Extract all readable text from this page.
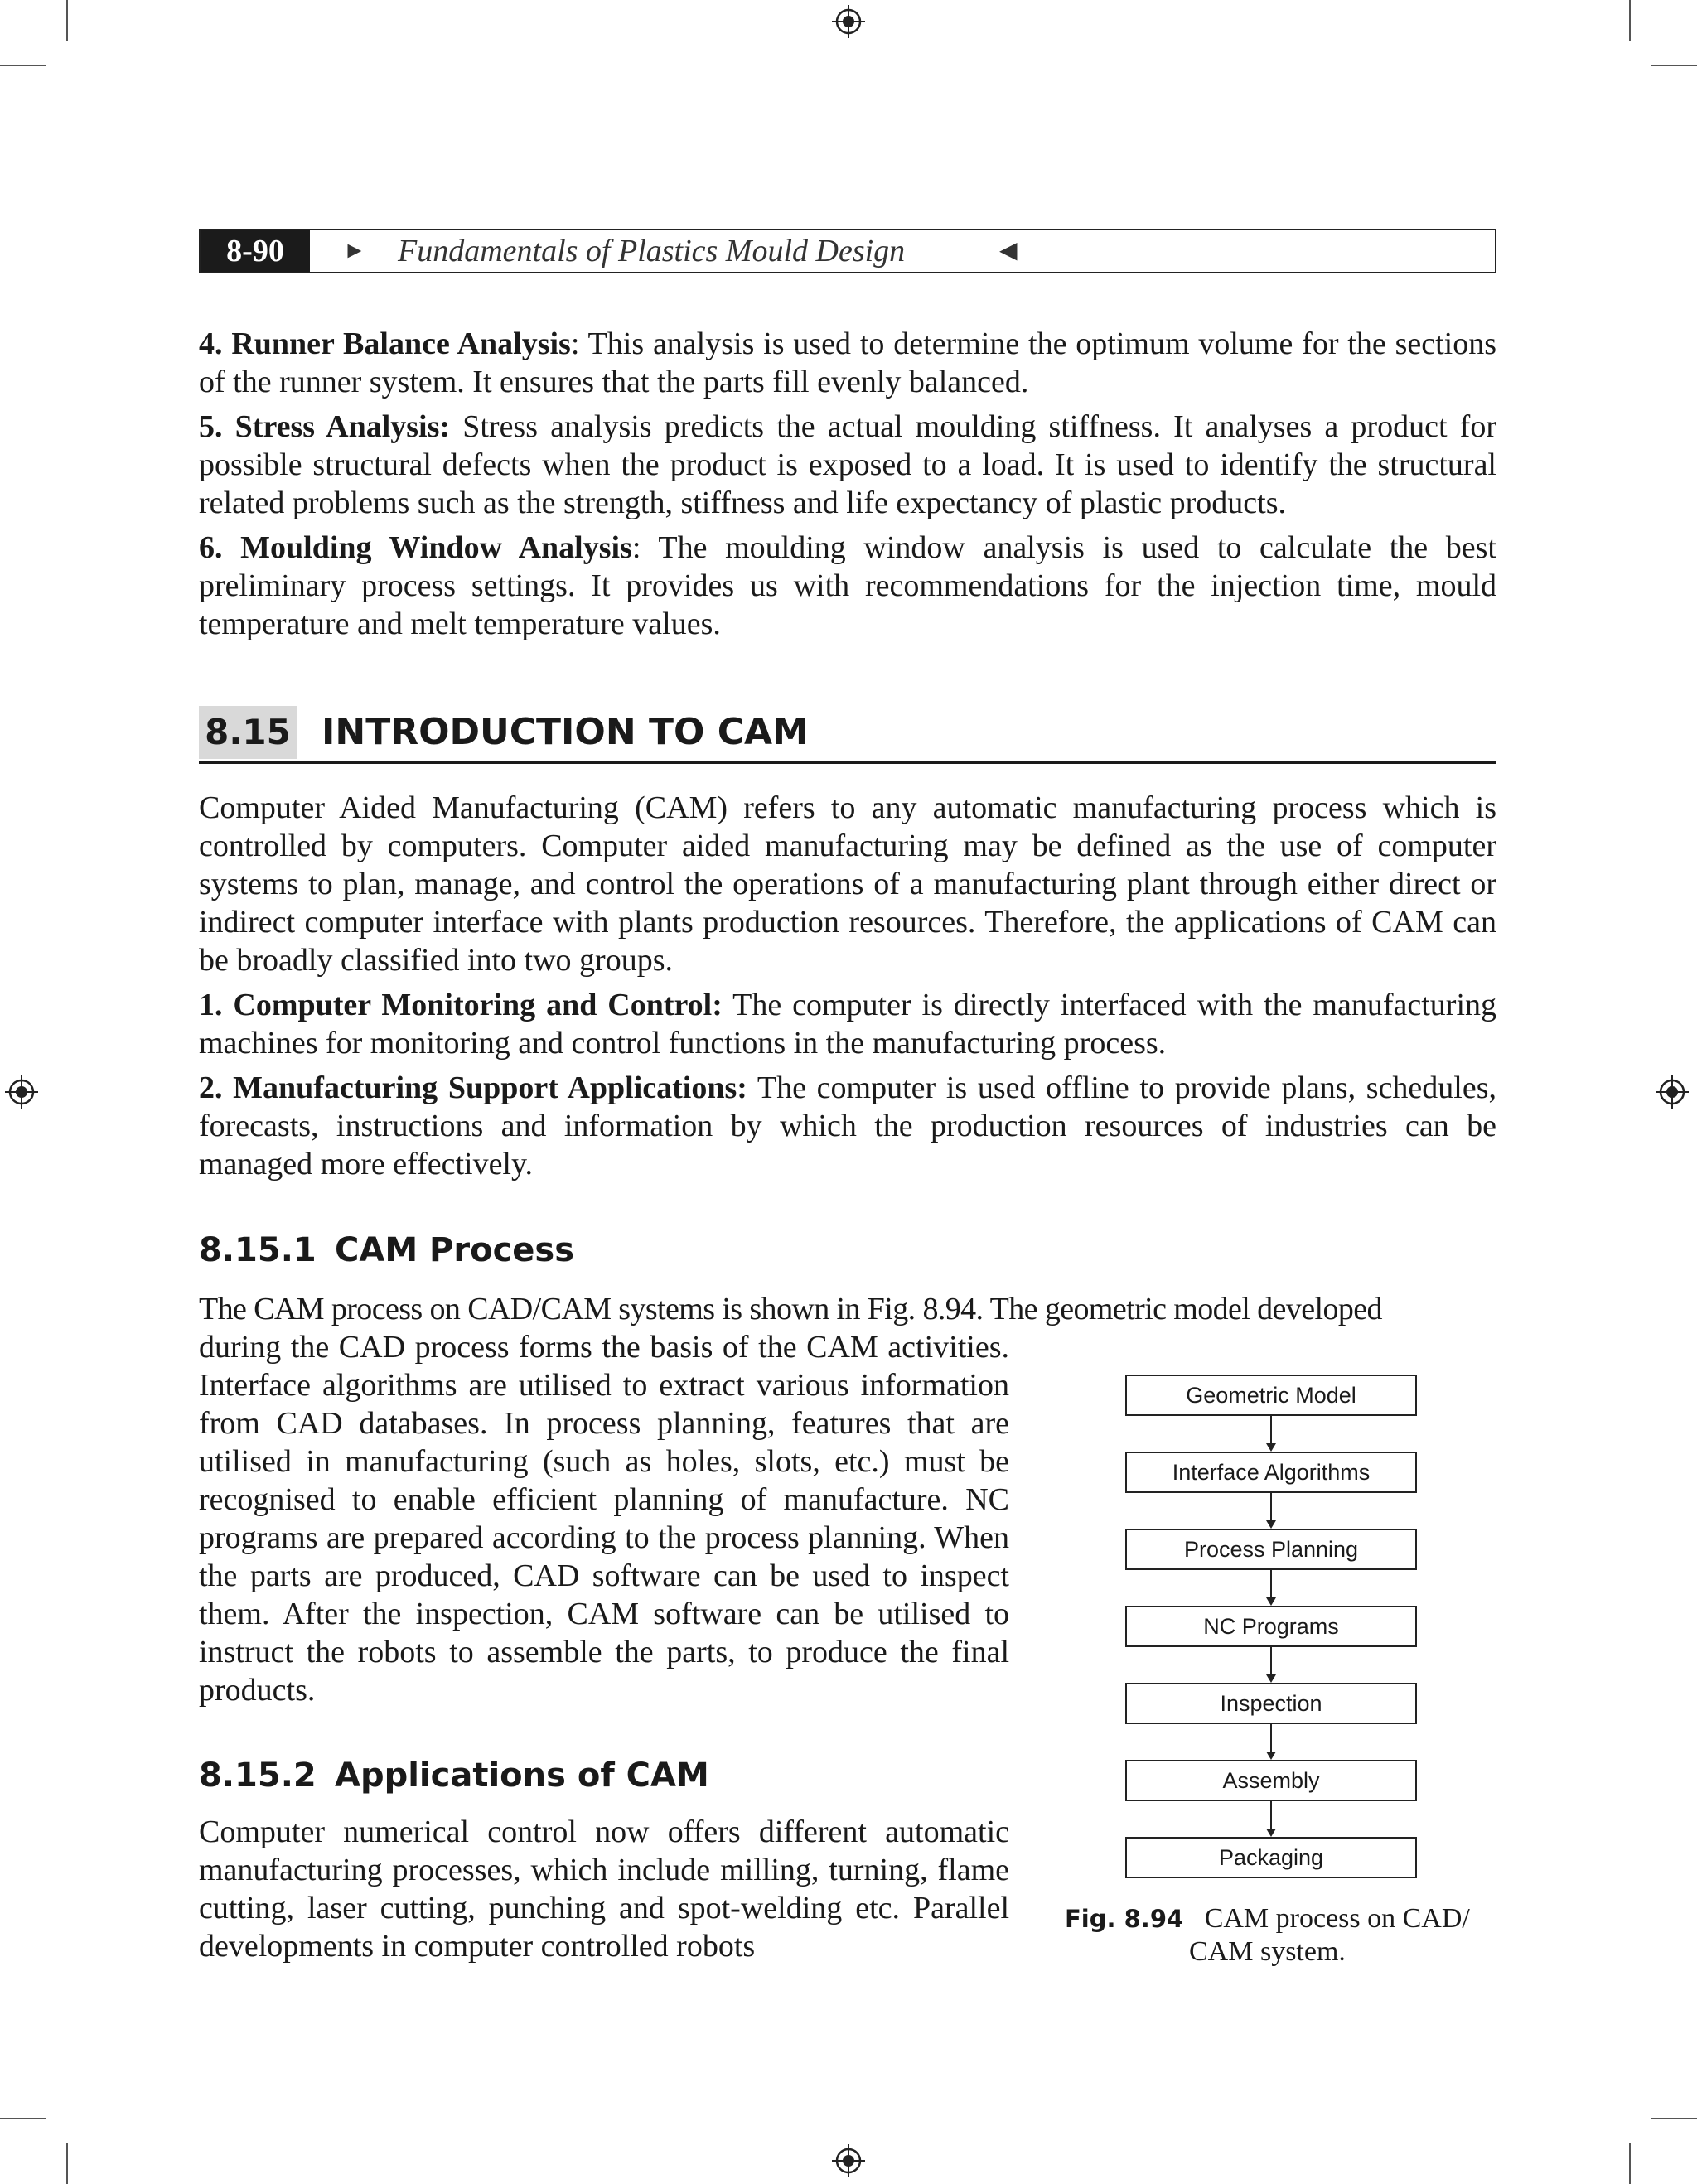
8-90	► Fundamentals of Plastics Mould Design	◀

4. Runner Balance Analysis: This analysis is used to determine the optimum volume for the sections of the runner system. It ensures that the parts fill evenly balanced.

5. Stress Analysis: Stress analysis predicts the actual moulding stiffness. It analyses a product for possible structural defects when the product is exposed to a load. It is used to identify the structural related problems such as the strength, stiffness and life expectancy of plastic products.

6. Moulding Window Analysis: The moulding window analysis is used to calculate the best preliminary process settings. It provides us with recommendations for the injection time, mould temperature and melt temperature values.

8.15 INTRODUCTION TO CAM

Computer Aided Manufacturing (CAM) refers to any automatic manufacturing process which is controlled by computers. Computer aided manufacturing may be defined as the use of computer systems to plan, manage, and control the operations of a manufacturing plant through either direct or indirect computer interface with plants production resources. Therefore, the applications of CAM can be broadly classified into two groups.

1. Computer Monitoring and Control: The computer is directly interfaced with the manufacturing machines for monitoring and control functions in the manufacturing process.

2. Manufacturing Support Applications: The computer is used offline to provide plans, schedules, forecasts, instructions and information by which the production resources of industries can be managed more effectively.

8.15.1 CAM Process

The CAM process on CAD/CAM systems is shown in Fig. 8.94. The geometric model developed

during the CAD process forms the basis of the CAM activities. Interface algorithms are utilised to extract various information from CAD databases. In process planning, features that are utilised in manufacturing (such as holes, slots, etc.) must be recognised to enable efficient planning of manufacture. NC programs are prepared according to the process planning. When the parts are produced, CAD software can be used to inspect them. After the inspection, CAM software can be utilised to instruct the robots to assemble the parts, to produce the final products.

8.15.2 Applications of CAM

Computer numerical control now offers different automatic manufacturing processes, which include milling, turning, flame cutting, laser cutting, punching and spot-welding etc. Parallel developments in computer controlled robots

Geometric Model
Interface Algorithms
Process Planning
NC Programs
Inspection
Assembly
Packaging
Fig. 8.94 CAM process on CAD/
CAM system.
